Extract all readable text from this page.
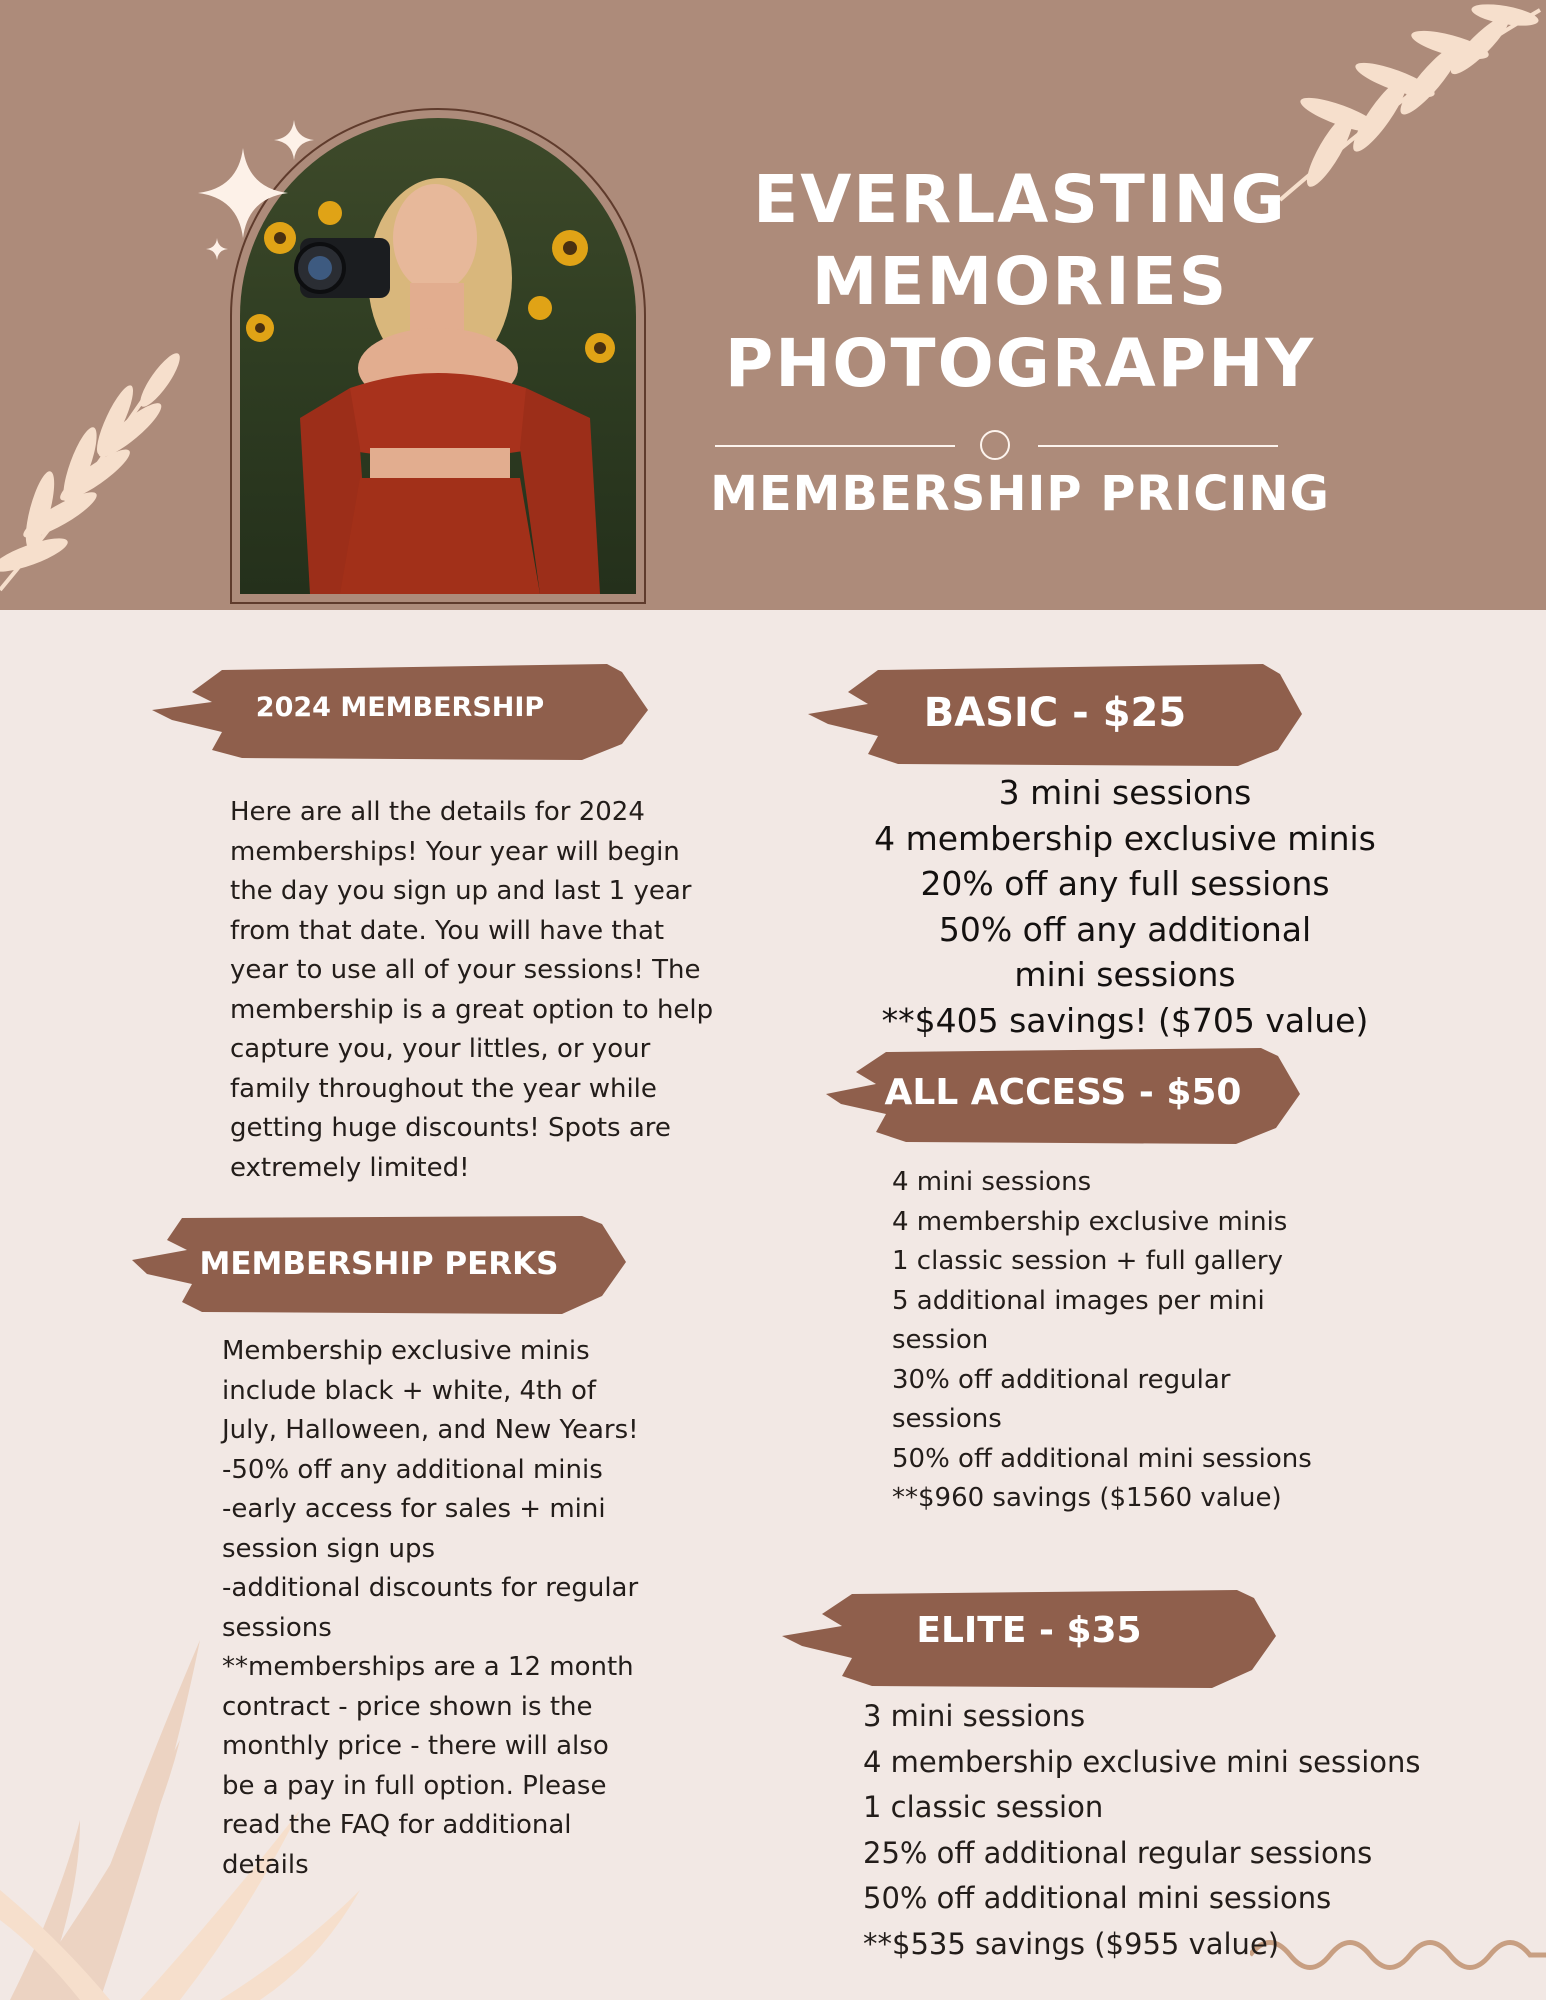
EVERLASTING
MEMORIES
PHOTOGRAPHY
MEMBERSHIP PRICING
2024 MEMBERSHIP
Here are all the details for 2024 memberships! Your year will begin the day you sign up and last 1 year from that date. You will have that year to use all of your sessions! The membership is a great option to help capture you, your littles, or your family throughout the year while getting huge discounts! Spots are extremely limited!
MEMBERSHIP PERKS
Membership exclusive minis include black + white, 4th of July, Halloween, and New Years!
-50% off any additional minis
-early access for sales + mini session sign ups
-additional discounts for regular sessions
**memberships are a 12 month contract - price shown is the monthly price - there will also be a pay in full option. Please read the FAQ for additional details
BASIC - $25
3 mini sessions
4 membership exclusive minis
20% off any full sessions
50% off any additional mini sessions
**$405 savings! ($705 value)
ALL ACCESS - $50
4 mini sessions
4 membership exclusive minis
1 classic session + full gallery
5 additional images per mini session
30% off additional regular sessions
50% off additional mini sessions
**$960 savings ($1560 value)
ELITE - $35
3 mini sessions
4 membership exclusive mini sessions
1 classic session
25% off additional regular sessions
50% off additional mini sessions
**$535 savings ($955 value)
